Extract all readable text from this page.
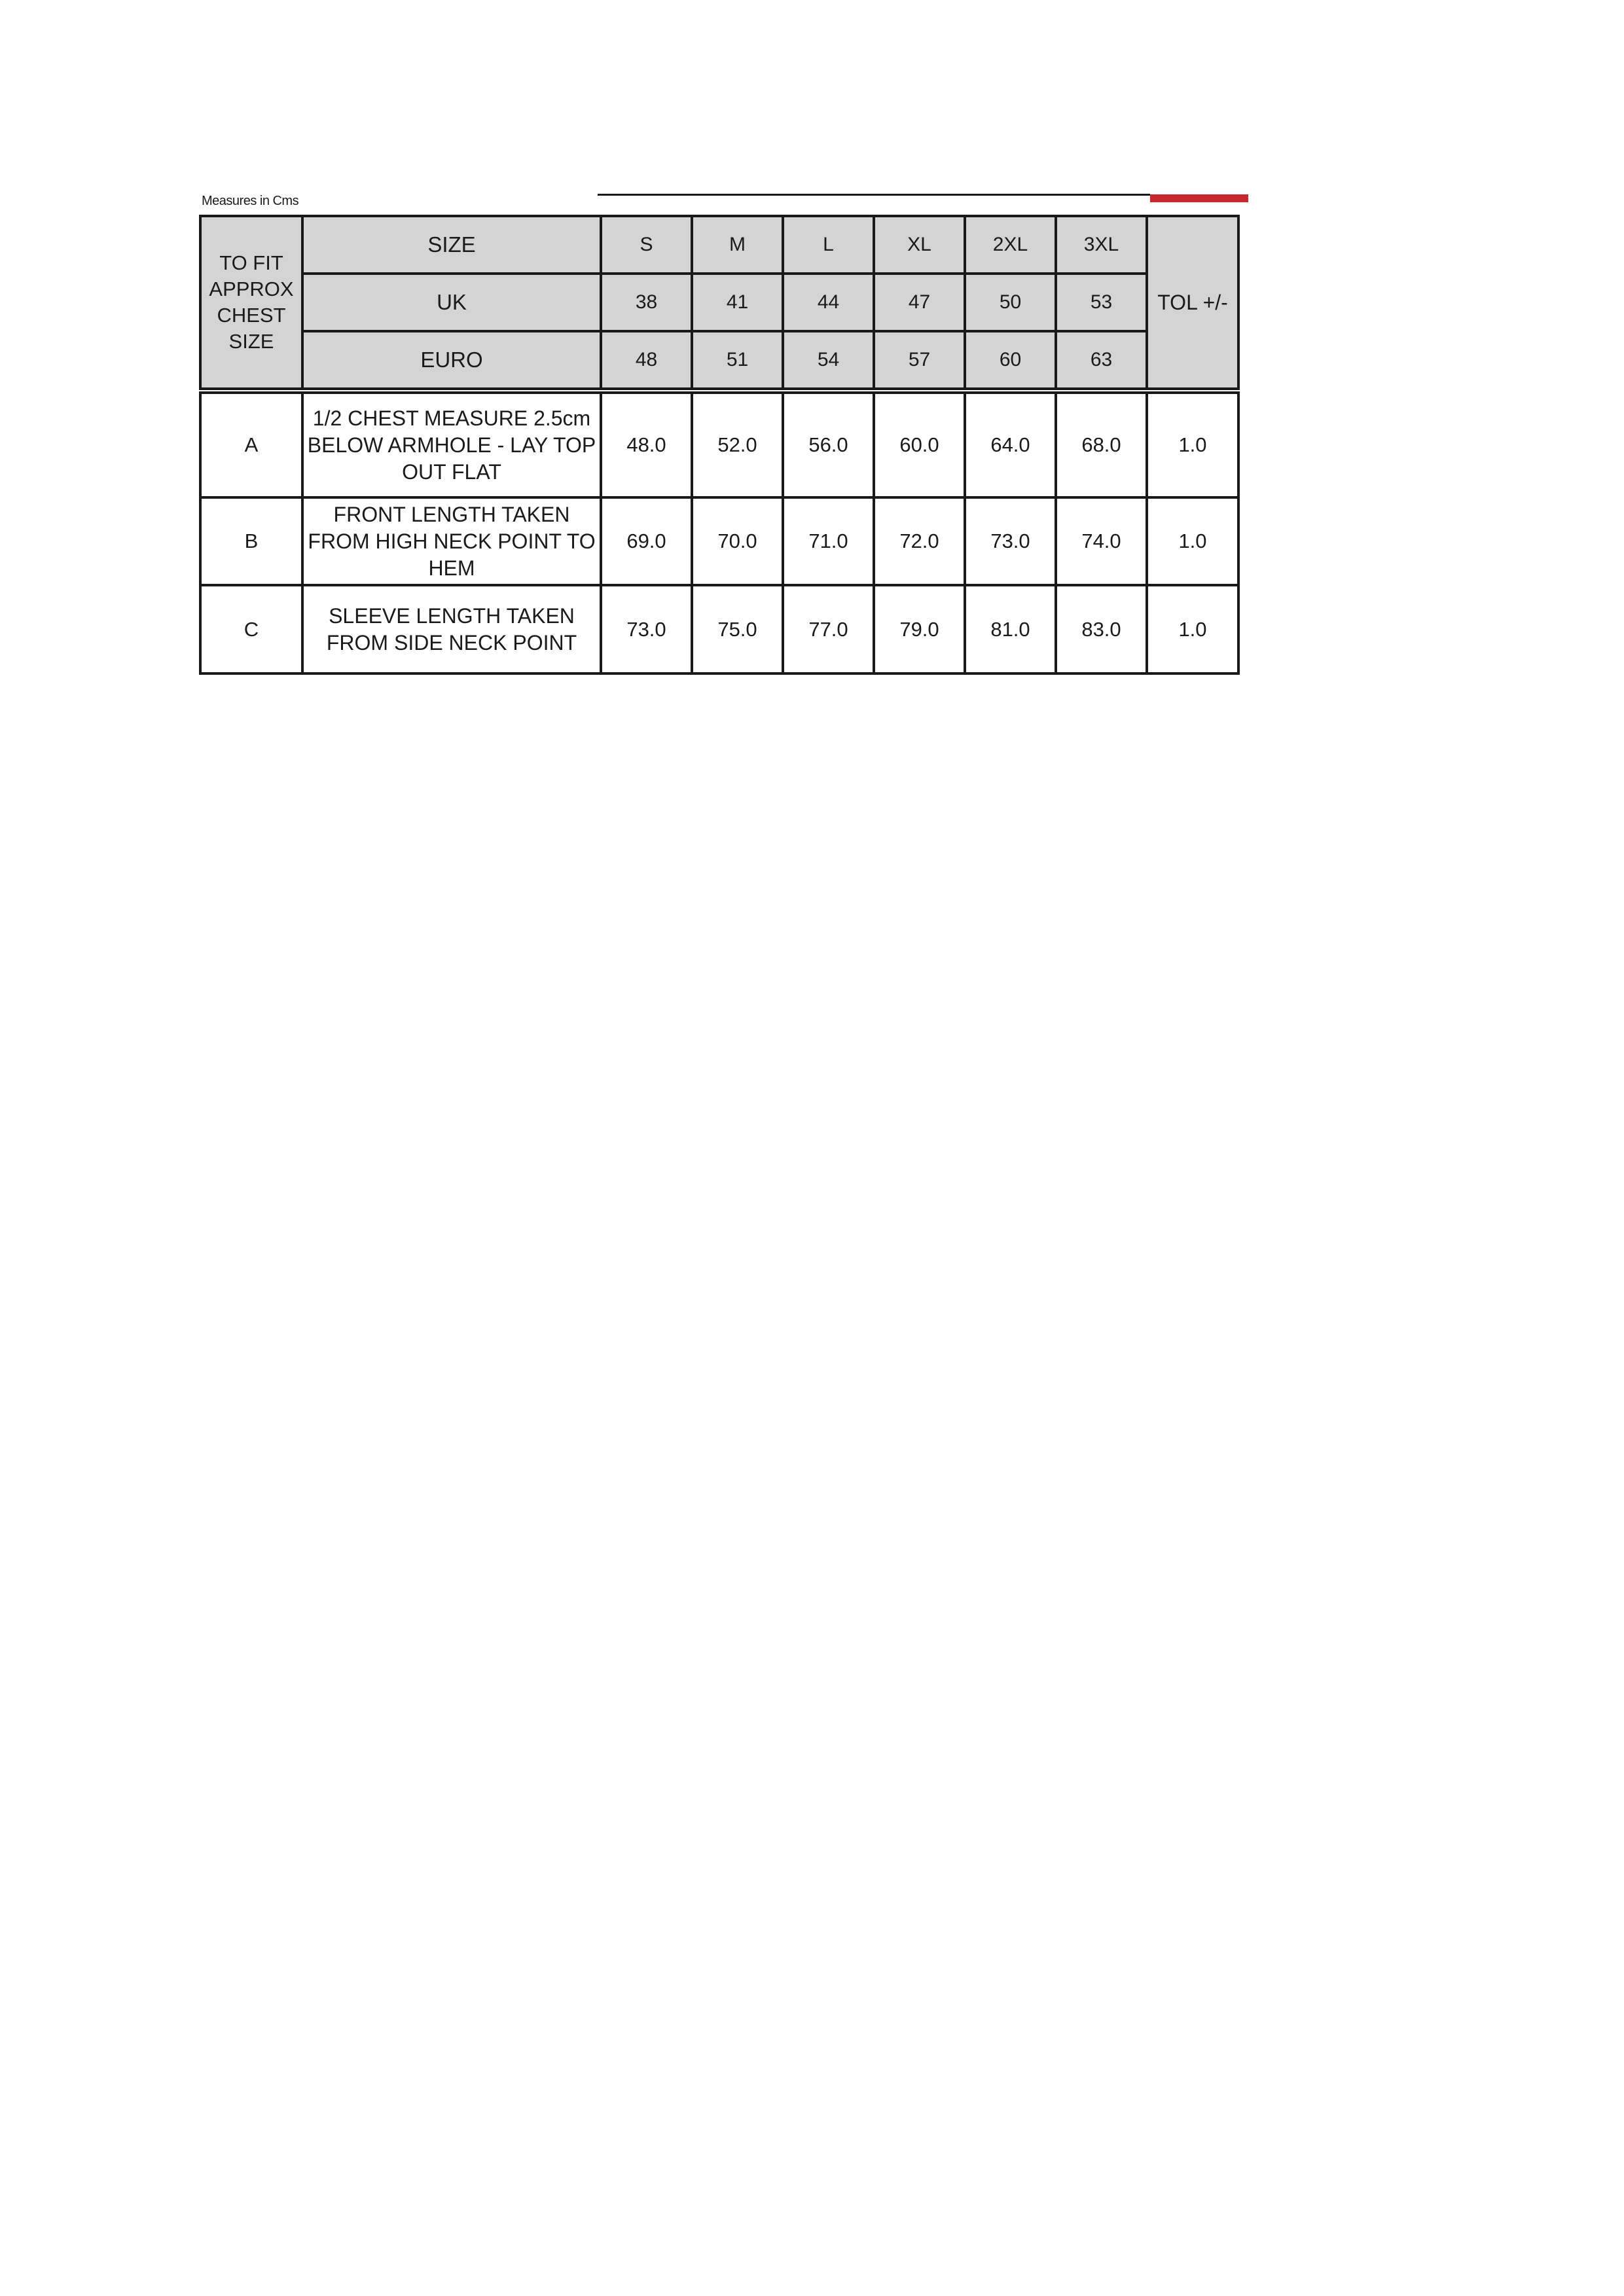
Measures in Cms
TO FIT APPROX CHEST SIZE	SIZE	S	M	L	XL	2XL	3XL	TOL +/-
	UK	38	41	44	47	50	53	
	EURO	48	51	54	57	60	63	

A	1/2 CHEST MEASURE 2.5cm BELOW ARMHOLE - LAY TOP OUT FLAT	48.0	52.0	56.0	60.0	64.0	68.0	1.0
B	FRONT LENGTH TAKEN FROM HIGH NECK POINT TO HEM	69.0	70.0	71.0	72.0	73.0	74.0	1.0
C	SLEEVE LENGTH TAKEN FROM SIDE NECK POINT	73.0	75.0	77.0	79.0	81.0	83.0	1.0
